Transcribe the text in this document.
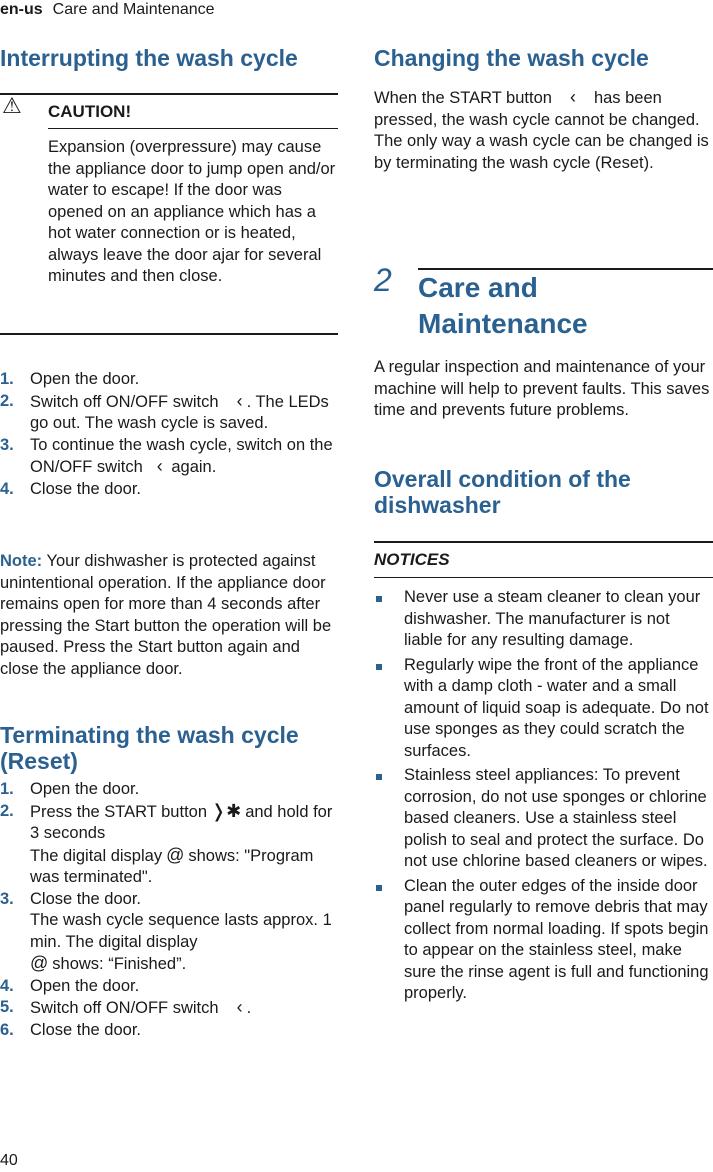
en-us Care and Maintenance
Interrupting the wash cycle
⚠ CAUTION!
Expansion (overpressure) may cause the appliance door to jump open and/or water to escape! If the door was opened on an appliance which has a hot water connection or is heated, always leave the door ajar for several minutes and then close.
1. Open the door.
2. Switch off ON/OFF switch ‹ . The LEDs go out. The wash cycle is saved.
3. To continue the wash cycle, switch on the ON/OFF switch ‹ again.
4. Close the door.
Note: Your dishwasher is protected against unintentional operation. If the appliance door remains open for more than 4 seconds after pressing the Start button the operation will be paused. Press the Start button again and close the appliance door.
Terminating the wash cycle (Reset)
1. Open the door.
2. Press the START button ❭✱ and hold for 3 seconds
The digital display @ shows: "Program was terminated".
3. Close the door.
The wash cycle sequence lasts approx. 1 min. The digital display
@ shows: “Finished”.
4. Open the door.
5. Switch off ON/OFF switch ‹ .
6. Close the door.
Changing the wash cycle
When the START button ‹ has been pressed, the wash cycle cannot be changed. The only way a wash cycle can be changed is by terminating the wash cycle (Reset).
2 Care and Maintenance
A regular inspection and maintenance of your machine will help to prevent faults. This saves time and prevents future problems.
Overall condition of the dishwasher
NOTICES
Never use a steam cleaner to clean your dishwasher. The manufacturer is not liable for any resulting damage.
Regularly wipe the front of the appliance with a damp cloth - water and a small amount of liquid soap is adequate. Do not use sponges as they could scratch the surfaces.
Stainless steel appliances: To prevent corrosion, do not use sponges or chlorine based cleaners. Use a stainless steel polish to seal and protect the surface. Do not use chlorine based cleaners or wipes.
Clean the outer edges of the inside door panel regularly to remove debris that may collect from normal loading. If spots begin to appear on the stainless steel, make sure the rinse agent is full and functioning properly.
40
